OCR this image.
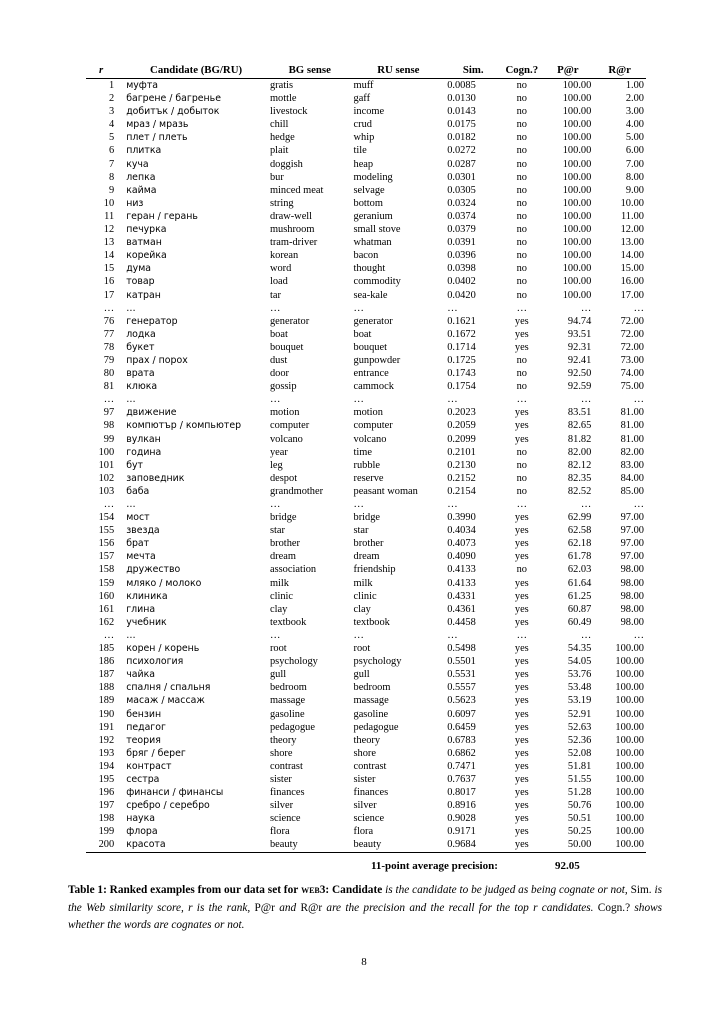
r	Candidate (BG/RU)	BG sense	RU sense	Sim.	Cogn.?	P@r	R@r
1	муфта	gratis	muff	0.0085	no	100.00	1.00
2	багрене / багренье	mottle	gaff	0.0130	no	100.00	2.00
3	добитък / добыток	livestock	income	0.0143	no	100.00	3.00
4	мраз / мразь	chill	crud	0.0175	no	100.00	4.00
5	плет / плеть	hedge	whip	0.0182	no	100.00	5.00
6	плитка	plait	tile	0.0272	no	100.00	6.00
7	куча	doggish	heap	0.0287	no	100.00	7.00
8	лепка	bur	modeling	0.0301	no	100.00	8.00
9	кайма	minced meat	selvage	0.0305	no	100.00	9.00
10	низ	string	bottom	0.0324	no	100.00	10.00
11	геран / герань	draw-well	geranium	0.0374	no	100.00	11.00
12	печурка	mushroom	small stove	0.0379	no	100.00	12.00
13	ватман	tram-driver	whatman	0.0391	no	100.00	13.00
14	корейка	korean	bacon	0.0396	no	100.00	14.00
15	дума	word	thought	0.0398	no	100.00	15.00
16	товар	load	commodity	0.0402	no	100.00	16.00
17	катран	tar	sea-kale	0.0420	no	100.00	17.00
…	…	…	…	…	…	…	…
76	генератор	generator	generator	0.1621	yes	94.74	72.00
77	лодка	boat	boat	0.1672	yes	93.51	72.00
78	букет	bouquet	bouquet	0.1714	yes	92.31	72.00
79	прах / порох	dust	gunpowder	0.1725	no	92.41	73.00
80	врата	door	entrance	0.1743	no	92.50	74.00
81	клюка	gossip	cammock	0.1754	no	92.59	75.00
…	…	…	…	…	…	…	…
97	движение	motion	motion	0.2023	yes	83.51	81.00
98	компютър / компьютер	computer	computer	0.2059	yes	82.65	81.00
99	вулкан	volcano	volcano	0.2099	yes	81.82	81.00
100	година	year	time	0.2101	no	82.00	82.00
101	бут	leg	rubble	0.2130	no	82.12	83.00
102	заповедник	despot	reserve	0.2152	no	82.35	84.00
103	баба	grandmother	peasant woman	0.2154	no	82.52	85.00
…	…	…	…	…	…	…	…
154	мост	bridge	bridge	0.3990	yes	62.99	97.00
155	звезда	star	star	0.4034	yes	62.58	97.00
156	брат	brother	brother	0.4073	yes	62.18	97.00
157	мечта	dream	dream	0.4090	yes	61.78	97.00
158	дружество	association	friendship	0.4133	no	62.03	98.00
159	мляко / молоко	milk	milk	0.4133	yes	61.64	98.00
160	клиника	clinic	clinic	0.4331	yes	61.25	98.00
161	глина	clay	clay	0.4361	yes	60.87	98.00
162	учебник	textbook	textbook	0.4458	yes	60.49	98.00
…	…	…	…	…	…	…	…
185	корен / корень	root	root	0.5498	yes	54.35	100.00
186	психология	psychology	psychology	0.5501	yes	54.05	100.00
187	чайка	gull	gull	0.5531	yes	53.76	100.00
188	спалня / спальня	bedroom	bedroom	0.5557	yes	53.48	100.00
189	масаж / массаж	massage	massage	0.5623	yes	53.19	100.00
190	бензин	gasoline	gasoline	0.6097	yes	52.91	100.00
191	педагог	pedagogue	pedagogue	0.6459	yes	52.63	100.00
192	теория	theory	theory	0.6783	yes	52.36	100.00
193	бряг / берег	shore	shore	0.6862	yes	52.08	100.00
194	контраст	contrast	contrast	0.7471	yes	51.81	100.00
195	сестра	sister	sister	0.7637	yes	51.55	100.00
196	финанси / финансы	finances	finances	0.8017	yes	51.28	100.00
197	сребро / серебро	silver	silver	0.8916	yes	50.76	100.00
198	наука	science	science	0.9028	yes	50.51	100.00
199	флора	flora	flora	0.9171	yes	50.25	100.00
200	красота	beauty	beauty	0.9684	yes	50.00	100.00
11-point average precision:	92.05
Table 1: Ranked examples from our data set for web3: Candidate is the candidate to be judged as being cognate or not, Sim. is the Web similarity score, r is the rank, P@r and R@r are the precision and the recall for the top r candidates. Cogn.? shows whether the words are cognates or not.
8
